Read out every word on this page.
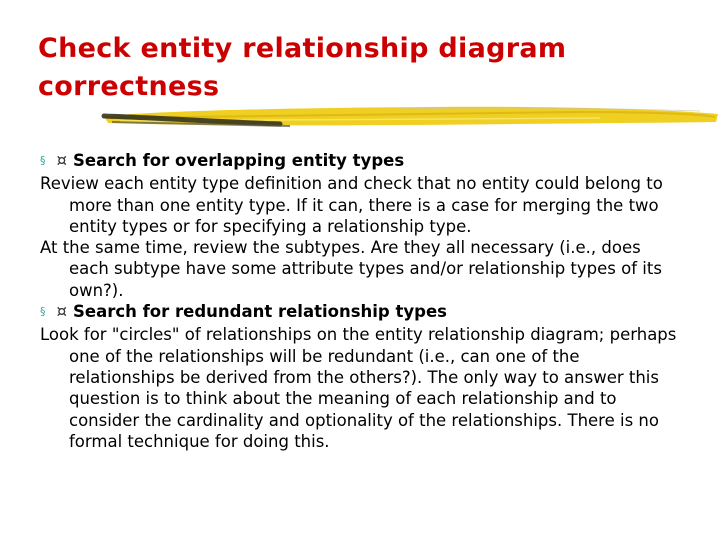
Check entity relationship diagram
correctness
§ ¤ Search for overlapping entity types

Review each entity type definition and check that no entity could belong to more than one entity type. If it can, there is a case for merging the two entity types or for specifying a relationship type.

At the same time, review the subtypes. Are they all necessary (i.e., does each subtype have some attribute types and/or relationship types of its own?).

§ ¤ Search for redundant relationship types

Look for "circles" of relationships on the entity relationship diagram; perhaps one of the relationships will be redundant (i.e., can one of the relationships be derived from the others?). The only way to answer this question is to think about the meaning of each relationship and to consider the cardinality and optionality of the relationships. There is no formal technique for doing this.
